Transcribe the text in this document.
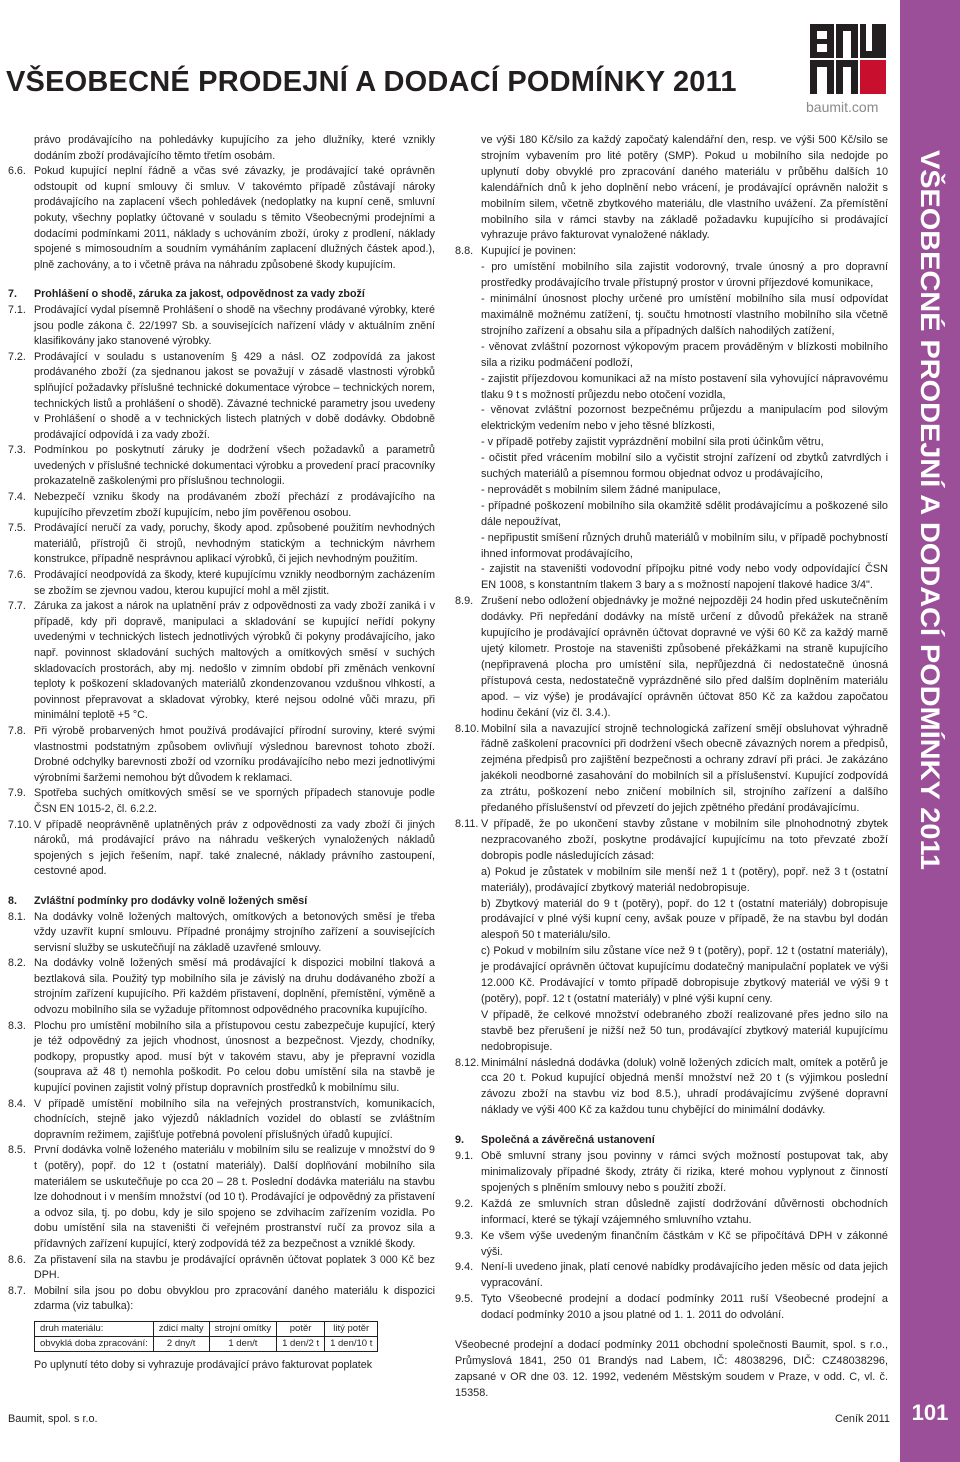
VŠEOBECNÉ PRODEJNÍ A DODACÍ PODMÍNKY 2011
baumit.com
VŠEOBECNÉ PRODEJNÍ A DODACÍ PODMÍNKY 2011
101
právo prodávajícího na pohledávky kupujícího za jeho dlužníky, které vznikly dodáním zboží prodávajícího těmto třetím osobám.
6.6. Pokud kupující neplní řádně a včas své závazky, je prodávající také oprávněn odstoupit od kupní smlouvy či smluv. V takovémto případě zůstávají nároky prodávajícího na zaplacení všech pohledávek (nedoplatky na kupní ceně, smluvní pokuty, všechny poplatky účtované v souladu s těmito Všeobecnými prodejními a dodacími podmínkami 2011, náklady s uchováním zboží, úroky z prodlení, náklady spojené s mimosoudním a soudním vymáháním zaplacení dlužných částek apod.), plně zachovány, a to i včetně práva na náhradu způsobené škody kupujícím.
7.	Prohlášení o shodě, záruka za jakost, odpovědnost za vady zboží
7.1. Prodávající vydal písemně Prohlášení o shodě na všechny prodávané výrobky, které jsou podle zákona č. 22/1997 Sb. a souvisejících nařízení vlády v aktuálním znění klasifikovány jako stanovené výrobky.
7.2. Prodávající v souladu s ustanovením § 429 a násl. OZ zodpovídá za jakost prodávaného zboží (za sjednanou jakost se považují v zásadě vlastnosti výrobků splňující požadavky příslušné technické dokumentace výrobce – technických norem, technických listů a prohlášení o shodě). Závazné technické parametry jsou uvedeny v Prohlášení o shodě a v technických listech platných v době dodávky. Obdobně prodávající odpovídá i za vady zboží.
7.3. Podmínkou po poskytnutí záruky je dodržení všech požadavků a parametrů uvedených v příslušné technické dokumentaci výrobku a provedení prací pracovníky prokazatelně zaškolenými pro příslušnou technologii.
7.4. Nebezpečí vzniku škody na prodávaném zboží přechází z prodávajícího na kupujícího převzetím zboží kupujícím, nebo jím pověřenou osobou.
7.5. Prodávající neručí za vady, poruchy, škody apod. způsobené použitím nevhodných materiálů, přístrojů či strojů, nevhodným statickým a technickým návrhem konstrukce, případně nesprávnou aplikací výrobků, či jejich nevhodným použitím.
7.6. Prodávající neodpovídá za škody, které kupujícímu vznikly neodborným zacházením se zbožím se zjevnou vadou, kterou kupující mohl a měl zjistit.
7.7. Záruka za jakost a nárok na uplatnění práv z odpovědnosti za vady zboží zaniká i v případě, kdy při dopravě, manipulaci a skladování se kupující neřídí pokyny uvedenými v technických listech jednotlivých výrobků či pokyny prodávajícího, jako např. povinnost skladování suchých maltových a omítkových směsí v suchých skladovacích prostorách, aby mj. nedošlo v zimním období při změnách venkovní teploty k poškození skladovaných materiálů zkondenzovanou vzdušnou vlhkostí, a povinnost přepravovat a skladovat výrobky, které nejsou odolné vůči mrazu, při minimální teplotě +5 °C.
7.8. Při výrobě probarvených hmot používá prodávající přírodní suroviny, které svými vlastnostmi podstatným způsobem ovlivňují výslednou barevnost tohoto zboží. Drobné odchylky barevnosti zboží od vzorníku prodávajícího nebo mezi jednotlivými výrobními šaržemi nemohou být důvodem k reklamaci.
7.9. Spotřeba suchých omítkových směsí se ve sporných případech stanovuje podle ČSN EN 1015-2, čl. 6.2.2.
7.10. V případě neoprávněně uplatněných práv z odpovědnosti za vady zboží či jiných nároků, má prodávající právo na náhradu veškerých vynaložených nákladů spojených s jejich řešením, např. také znalecné, náklady právního zastoupení, cestovné apod.
8.	Zvláštní podmínky pro dodávky volně ložených směsí
8.1. Na dodávky volně ložených maltových, omítkových a betonových směsí je třeba vždy uzavřít kupní smlouvu. Případné pronájmy strojního zařízení a souvisejících servisní služby se uskutečňují na základě uzavřené smlouvy.
8.2. Na dodávky volně ložených směsí má prodávající k dispozici mobilní tlaková a beztlaková sila. Použitý typ mobilního sila je závislý na druhu dodávaného zboží a strojním zařízení kupujícího. Při každém přistavení, doplnění, přemístění, výměně a odvozu mobilního sila se vyžaduje přítomnost odpovědného pracovníka kupujícího.
8.3. Plochu pro umístění mobilního sila a přístupovou cestu zabezpečuje kupující, který je též odpovědný za jejich vhodnost, únosnost a bezpečnost. Vjezdy, chodníky, podkopy, propustky apod. musí být v takovém stavu, aby je přepravní vozidla (souprava až 48 t) nemohla poškodit. Po celou dobu umístění sila na stavbě je kupující povinen zajistit volný přístup dopravních prostředků k mobilnímu silu.
8.4. V případě umístění mobilního sila na veřejných prostranstvích, komunikacích, chodnících, stejně jako výjezdů nákladních vozidel do oblastí se zvláštním dopravním režimem, zajišťuje potřebná povolení příslušných úřadů kupující.
8.5. První dodávka volně loženého materiálu v mobilním silu se realizuje v množství do 9 t (potěry), popř. do 12 t (ostatní materiály). Další doplňování mobilního sila materiálem se uskutečňuje po cca 20 – 28 t. Poslední dodávka materiálu na stavbu lze dohodnout i v menším množství (od 10 t). Prodávající je odpovědný za přistavení a odvoz sila, tj. po dobu, kdy je silo spojeno se zdvihacím zařízením vozidla. Po dobu umístění sila na staveništi či veřejném prostranství ručí za provoz sila a přídavných zařízení kupující, který zodpovídá též za bezpečnost a vzniklé škody.
8.6. Za přistavení sila na stavbu je prodávající oprávněn účtovat poplatek 3 000 Kč bez DPH.
8.7. Mobilní sila jsou po dobu obvyklou pro zpracování daného materiálu k dispozici zdarma (viz tabulka):
druh materiálu:	zdicí malty	strojní omítky	potěr	litý potěr
obvyklá doba zpracování:	2 dny/t	1 den/t	1 den/2 t	1 den/10 t
Po uplynutí této doby si vyhrazuje prodávající právo fakturovat poplatek
ve výši 180 Kč/silo za každý započatý kalendářní den, resp. ve výši 500 Kč/silo se strojním vybavením pro lité potěry (SMP). Pokud u mobilního sila nedojde po uplynutí doby obvyklé pro zpracování daného materiálu v průběhu dalších 10 kalendářních dnů k jeho doplnění nebo vrácení, je prodávající oprávněn naložit s mobilním silem, včetně zbytkového materiálu, dle vlastního uvážení. Za přemístění mobilního sila v rámci stavby na základě požadavku kupujícího si prodávající vyhrazuje právo fakturovat vynaložené náklady.
8.8. Kupující je povinen:
- pro umístění mobilního sila zajistit vodorovný, trvale únosný a pro dopravní prostředky prodávajícího trvale přístupný prostor v úrovni příjezdové komunikace,
- minimální únosnost plochy určené pro umístění mobilního sila musí odpovídat maximálně možnému zatížení, tj. součtu hmotností vlastního mobilního sila včetně strojního zařízení a obsahu sila a případných dalších nahodilých zatížení,
- věnovat zvláštní pozornost výkopovým pracem prováděným v blízkosti mobilního sila a riziku podmáčení podloží,
- zajistit příjezdovou komunikaci až na místo postavení sila vyhovující nápravovému tlaku 9 t s možností průjezdu nebo otočení vozidla,
- věnovat zvláštní pozornost bezpečnému průjezdu a manipulacím pod silovým elektrickým vedením nebo v jeho těsné blízkosti,
- v případě potřeby zajistit vyprázdnění mobilní sila proti účinkům větru,
- očistit před vrácením mobilní silo a vyčistit strojní zařízení od zbytků zatvrdlých i suchých materiálů a písemnou formou objednat odvoz u prodávajícího,
- neprovádět s mobilním silem žádné manipulace,
- případné poškození mobilního sila okamžitě sdělit prodávajícímu a poškozené silo dále nepoužívat,
- nepřipustit smíšení různých druhů materiálů v mobilním silu, v případě pochybností ihned informovat prodávajícího,
- zajistit na staveništi vodovodní přípojku pitné vody nebo vody odpovídající ČSN EN 1008, s konstantním tlakem 3 bary a s možností napojení tlakové hadice 3/4".
8.9. Zrušení nebo odložení objednávky je možné nejpozději 24 hodin před uskutečněním dodávky. Při nepředání dodávky na místě určení z důvodů překážek na straně kupujícího je prodávající oprávněn účtovat dopravné ve výši 60 Kč za každý marně ujetý kilometr. Prostoje na staveništi způsobené překážkami na straně kupujícího (nepřipravená plocha pro umístění sila, nepřůjezdná či nedostatečně únosná přístupová cesta, nedostatečně vyprázdněné silo před dalším doplněním materiálu apod. – viz výše) je prodávající oprávněn účtovat 850 Kč za každou započatou hodinu čekání (viz čl. 3.4.).
8.10. Mobilní sila a navazující strojně technologická zařízení smějí obsluhovat výhradně řádně zaškolení pracovníci při dodržení všech obecně závazných norem a předpisů, zejména předpisů pro zajištění bezpečnosti a ochrany zdraví při práci. Je zakázáno jakékoli neodborné zasahování do mobilních sil a příslušenství. Kupující zodpovídá za ztrátu, poškození nebo zničení mobilních sil, strojního zařízení a dalšího předaného příslušenství od převzetí do jejich zpětného předání prodávajícímu.
8.11. V případě, že po ukončení stavby zůstane v mobilním sile plnohodnotný zbytek nezpracovaného zboží, poskytne prodávající kupujícímu na toto převzaté zboží dobropis podle následujících zásad:
a) Pokud je zůstatek v mobilním sile menší než 1 t (potěry), popř. než 3 t (ostatní materiály), prodávající zbytkový materiál nedobropisuje.
b) Zbytkový materiál do 9 t (potěry), popř. do 12 t (ostatní materiály) dobropisuje prodávající v plné výši kupní ceny, avšak pouze v případě, že na stavbu byl dodán alespoň 50 t materiálu/silo.
c) Pokud v mobilním silu zůstane více než 9 t (potěry), popř. 12 t (ostatní materiály), je prodávající oprávněn účtovat kupujícímu dodatečný manipulační poplatek ve výši 12.000 Kč. Prodávající v tomto případě dobropisuje zbytkový materiál ve výši 9 t (potěry), popř. 12 t (ostatní materiály) v plné výši kupní ceny.
V případě, že celkové množství odebraného zboží realizované přes jedno silo na stavbě bez přerušení je nižší než 50 tun, prodávající zbytkový materiál kupujícímu nedobropisuje.
8.12. Minimální následná dodávka (doluk) volně ložených zdicích malt, omítek a potěrů je cca 20 t. Pokud kupující objedná menší množství než 20 t (s výjimkou poslední závozu zboží na stavbu viz bod 8.5.), uhradí prodávajícímu zvýšené dopravní náklady ve výši 400 Kč za každou tunu chybějící do minimální dodávky.
9.	Společná a závěrečná ustanovení
9.1. Obě smluvní strany jsou povinny v rámci svých možností postupovat tak, aby minimalizovaly případné škody, ztráty či rizika, které mohou vyplynout z činností spojených s plněním smlouvy nebo s použití zboží.
9.2. Každá ze smluvních stran důsledně zajistí dodržování důvěrnosti obchodních informací, které se týkají vzájemného smluvního vztahu.
9.3. Ke všem výše uvedeným finančním částkám v Kč se připočítává DPH v zákonné výši.
9.4. Není-li uvedeno jinak, platí cenové nabídky prodávajícího jeden měsíc od data jejich vypracování.
9.5. Tyto Všeobecné prodejní a dodací podmínky 2011 ruší Všeobecné prodejní a dodací podmínky 2010 a jsou platné od 1. 1. 2011 do odvolání.

Všeobecné prodejní a dodací podmínky 2011 obchodní společnosti Baumit, spol. s r.o., Průmyslová 1841, 250 01 Brandýs nad Labem, IČ: 48038296, DIČ: CZ48038296, zapsané v OR dne 03. 12. 1992, vedeném Městským soudem v Praze, v odd. C, vl. č. 15358.

Baumit, spol. s r.o.	Ceník 2011
